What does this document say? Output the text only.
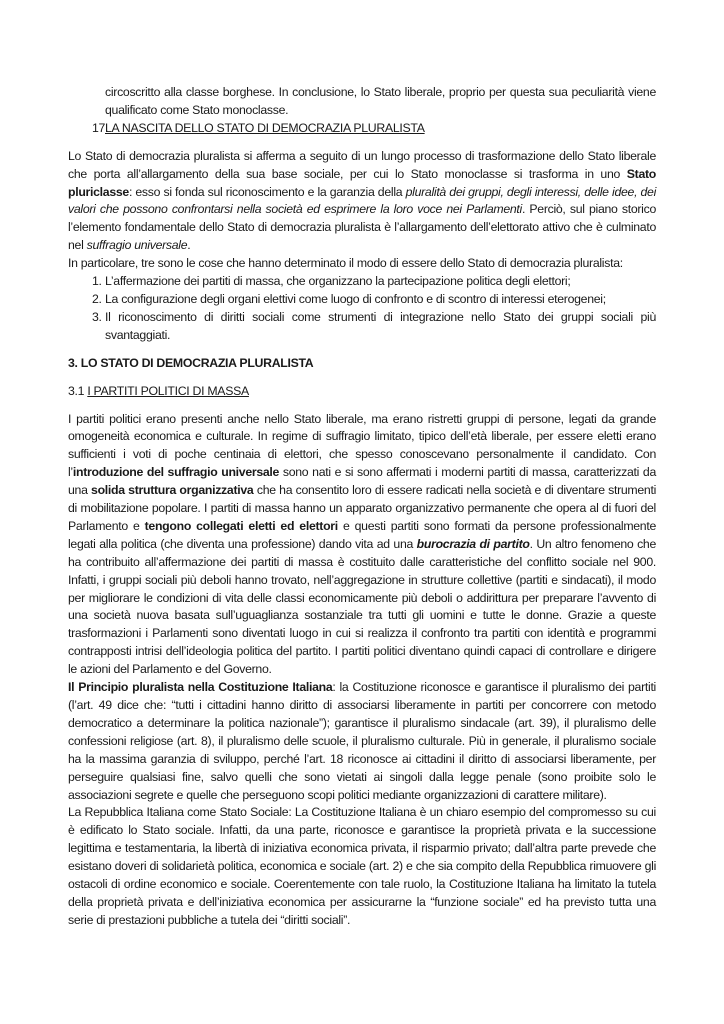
circoscritto alla classe borghese. In conclusione, lo Stato liberale, proprio per questa sua peculiarità viene qualificato come Stato monoclasse.
17.
LA NASCITA DELLO STATO DI DEMOCRAZIA PLURALISTA
Lo Stato di democrazia pluralista si afferma a seguito di un lungo processo di trasformazione dello Stato liberale che porta all’allargamento della sua base sociale, per cui lo Stato monoclasse si trasforma in uno Stato pluriclasse: esso si fonda sul riconoscimento e la garanzia della pluralità dei gruppi, degli interessi, delle idee, dei valori che possono confrontarsi nella società ed esprimere la loro voce nei Parlamenti. Perciò, sul piano storico l’elemento fondamentale dello Stato di democrazia pluralista è l’allargamento dell’elettorato attivo che è culminato nel suffragio universale.
In particolare, tre sono le cose che hanno determinato il modo di essere dello Stato di democrazia pluralista:
1. L’affermazione dei partiti di massa, che organizzano la partecipazione politica degli elettori;
2. La configurazione degli organi elettivi come luogo di confronto e di scontro di interessi eterogenei;
3. Il riconoscimento di diritti sociali come strumenti di integrazione nello Stato dei gruppi sociali più svantaggiati.
3. LO STATO DI DEMOCRAZIA PLURALISTA
3.1 I PARTITI POLITICI DI MASSA
I partiti politici erano presenti anche nello Stato liberale, ma erano ristretti gruppi di persone, legati da grande omogeneità economica e culturale. In regime di suffragio limitato, tipico dell’età liberale, per essere eletti erano sufficienti i voti di poche centinaia di elettori, che spesso conoscevano personalmente il candidato. Con l’introduzione del suffragio universale sono nati e si sono affermati i moderni partiti di massa, caratterizzati da una solida struttura organizzativa che ha consentito loro di essere radicati nella società e di diventare strumenti di mobilitazione popolare. I partiti di massa hanno un apparato organizzativo permanente che opera al di fuori del Parlamento e tengono collegati eletti ed elettori e questi partiti sono formati da persone professionalmente legati alla politica (che diventa una professione) dando vita ad una burocrazia di partito. Un altro fenomeno che ha contribuito all’affermazione dei partiti di massa è costituito dalle caratteristiche del conflitto sociale nel 900. Infatti, i gruppi sociali più deboli hanno trovato, nell’aggregazione in strutture collettive (partiti e sindacati), il modo per migliorare le condizioni di vita delle classi economicamente più deboli o addirittura per preparare l’avvento di una società nuova basata sull’uguaglianza sostanziale tra tutti gli uomini e tutte le donne. Grazie a queste trasformazioni i Parlamenti sono diventati luogo in cui si realizza il confronto tra partiti con identità e programmi contrapposti intrisi dell’ideologia politica del partito. I partiti politici diventano quindi capaci di controllare e dirigere le azioni del Parlamento e del Governo.
Il Principio pluralista nella Costituzione Italiana: la Costituzione riconosce e garantisce il pluralismo dei partiti (l’art. 49 dice che: “tutti i cittadini hanno diritto di associarsi liberamente in partiti per concorrere con metodo democratico a determinare la politica nazionale”); garantisce il pluralismo sindacale (art. 39), il pluralismo delle confessioni religiose (art. 8), il pluralismo delle scuole, il pluralismo culturale. Più in generale, il pluralismo sociale ha la massima garanzia di sviluppo, perché l’art. 18 riconosce ai cittadini il diritto di associarsi liberamente, per perseguire qualsiasi fine, salvo quelli che sono vietati ai singoli dalla legge penale (sono proibite solo le associazioni segrete e quelle che perseguono scopi politici mediante organizzazioni di carattere militare).
La Repubblica Italiana come Stato Sociale: La Costituzione Italiana è un chiaro esempio del compromesso su cui è edificato lo Stato sociale. Infatti, da una parte, riconosce e garantisce la proprietà privata e la successione legittima e testamentaria, la libertà di iniziativa economica privata, il risparmio privato; dall’altra parte prevede che esistano doveri di solidarietà politica, economica e sociale (art. 2) e che sia compito della Repubblica rimuovere gli ostacoli di ordine economico e sociale. Coerentemente con tale ruolo, la Costituzione Italiana ha limitato la tutela della proprietà privata e dell’iniziativa economica per assicurarne la “funzione sociale” ed ha previsto tutta una serie di prestazioni pubbliche a tutela dei “diritti sociali”.
